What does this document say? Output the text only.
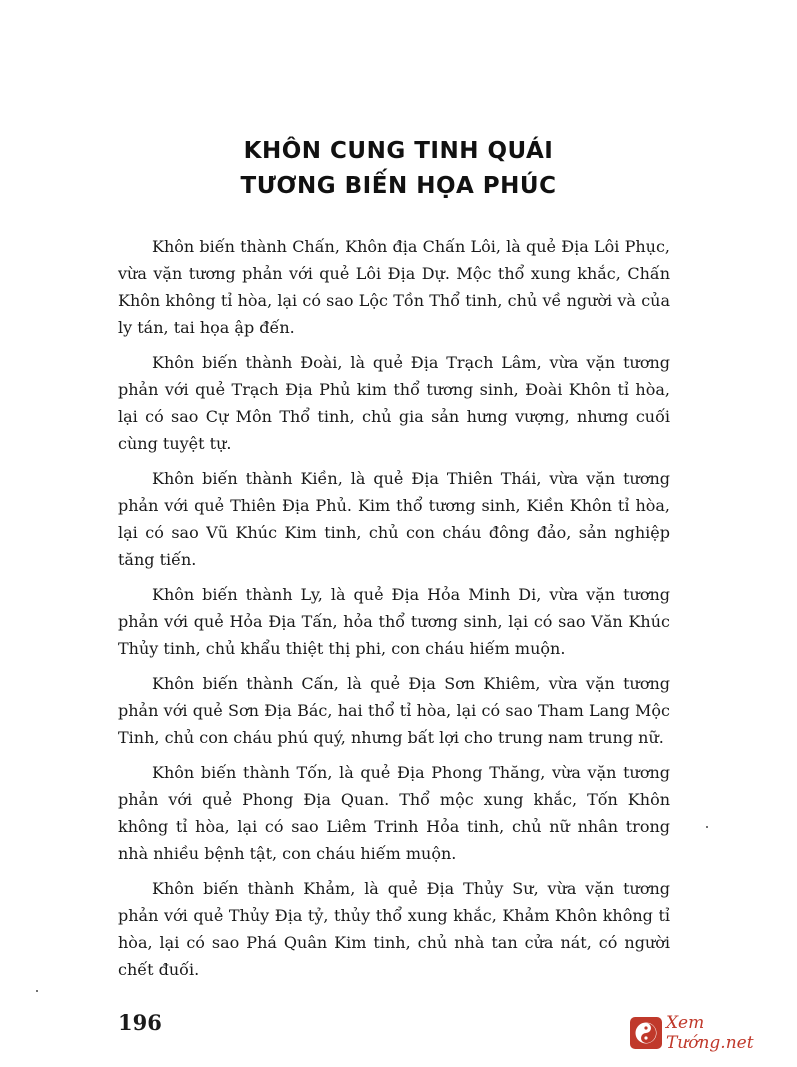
KHÔN CUNG TINH QUÁI
TƯƠNG BIẾN HỌA PHÚC

Khôn biến thành Chấn, Khôn địa Chấn Lôi, là quẻ Địa Lôi Phục, vừa vặn tương phản với quẻ Lôi Địa Dự. Mộc thổ xung khắc, Chấn Khôn không tỉ hòa, lại có sao Lộc Tồn Thổ tinh, chủ về người và của ly tán, tai họa ập đến.

Khôn biến thành Đoài, là quẻ Địa Trạch Lâm, vừa vặn tương phản với quẻ Trạch Địa Phủ kim thổ tương sinh, Đoài Khôn tỉ hòa, lại có sao Cự Môn Thổ tinh, chủ gia sản hưng vượng, nhưng cuối cùng tuyệt tự.

Khôn biến thành Kiền, là quẻ Địa Thiên Thái, vừa vặn tương phản với quẻ Thiên Địa Phủ. Kim thổ tương sinh, Kiền Khôn tỉ hòa, lại có sao Vũ Khúc Kim tinh, chủ con cháu đông đảo, sản nghiệp tăng tiến.

Khôn biến thành Ly, là quẻ Địa Hỏa Minh Di, vừa vặn tương phản với quẻ Hỏa Địa Tấn, hỏa thổ tương sinh, lại có sao Văn Khúc Thủy tinh, chủ khẩu thiệt thị phi, con cháu hiếm muộn.

Khôn biến thành Cấn, là quẻ Địa Sơn Khiêm, vừa vặn tương phản với quẻ Sơn Địa Bác, hai thổ tỉ hòa, lại có sao Tham Lang Mộc Tinh, chủ con cháu phú quý, nhưng bất lợi cho trung nam trung nữ.

Khôn biến thành Tốn, là quẻ Địa Phong Thăng, vừa vặn tương phản với quẻ Phong Địa Quan. Thổ mộc xung khắc, Tốn Khôn không tỉ hòa, lại có sao Liêm Trinh Hỏa tinh, chủ nữ nhân trong nhà nhiều bệnh tật, con cháu hiếm muộn.

Khôn biến thành Khảm, là quẻ Địa Thủy Sư, vừa vặn tương phản với quẻ Thủy Địa tỷ, thủy thổ xung khắc, Khảm Khôn không tỉ hòa, lại có sao Phá Quân Kim tinh, chủ nhà tan cửa nát, có người chết đuối.

196	Xem Tướng.net
